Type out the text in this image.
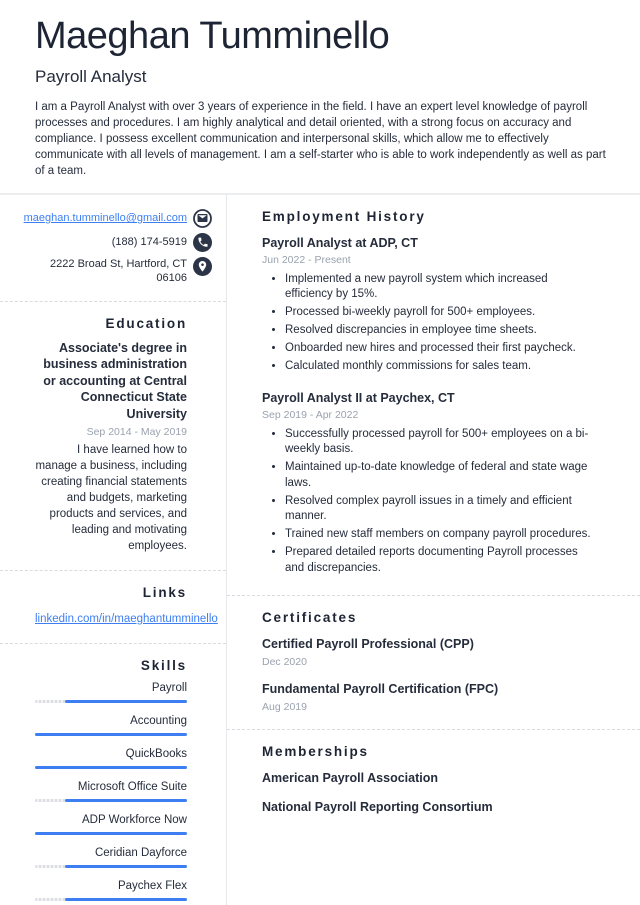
Maeghan Tumminello
Payroll Analyst
I am a Payroll Analyst with over 3 years of experience in the field. I have an expert level knowledge of payroll processes and procedures. I am highly analytical and detail oriented, with a strong focus on accuracy and compliance. I possess excellent communication and interpersonal skills, which allow me to effectively communicate with all levels of management. I am a self-starter who is able to work independently as well as part of a team.
maeghan.tumminello@gmail.com
(188) 174-5919
2222 Broad St, Hartford, CT 06106
Education
Associate's degree in business administration or accounting at Central Connecticut State University
Sep 2014 - May 2019
I have learned how to manage a business, including creating financial statements and budgets, marketing products and services, and leading and motivating employees.
Links
linkedin.com/in/maeghantumminello
Skills
Payroll
Accounting
QuickBooks
Microsoft Office Suite
ADP Workforce Now
Ceridian Dayforce
Paychex Flex
Employment History
Payroll Analyst at ADP, CT
Jun 2022 - Present
• Implemented a new payroll system which increased efficiency by 15%.
• Processed bi-weekly payroll for 500+ employees.
• Resolved discrepancies in employee time sheets.
• Onboarded new hires and processed their first paycheck.
• Calculated monthly commissions for sales team.
Payroll Analyst II at Paychex, CT
Sep 2019 - Apr 2022
• Successfully processed payroll for 500+ employees on a bi-weekly basis.
• Maintained up-to-date knowledge of federal and state wage laws.
• Resolved complex payroll issues in a timely and efficient manner.
• Trained new staff members on company payroll procedures.
• Prepared detailed reports documenting Payroll processes and discrepancies.
Certificates
Certified Payroll Professional (CPP)
Dec 2020
Fundamental Payroll Certification (FPC)
Aug 2019
Memberships
American Payroll Association
National Payroll Reporting Consortium
